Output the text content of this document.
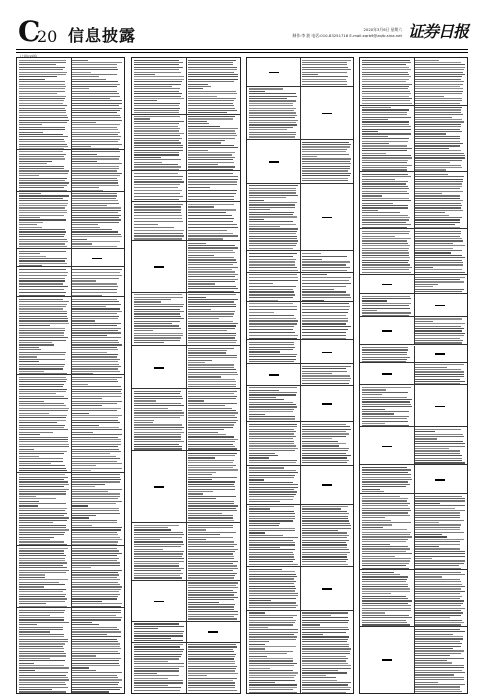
C
20 信息披露	2020年3月6日 星期六
制作:李 波 电话:010-83251716 E-mail:zqrb9@zqrb.sina.net 证券日报
(上接C19版)
